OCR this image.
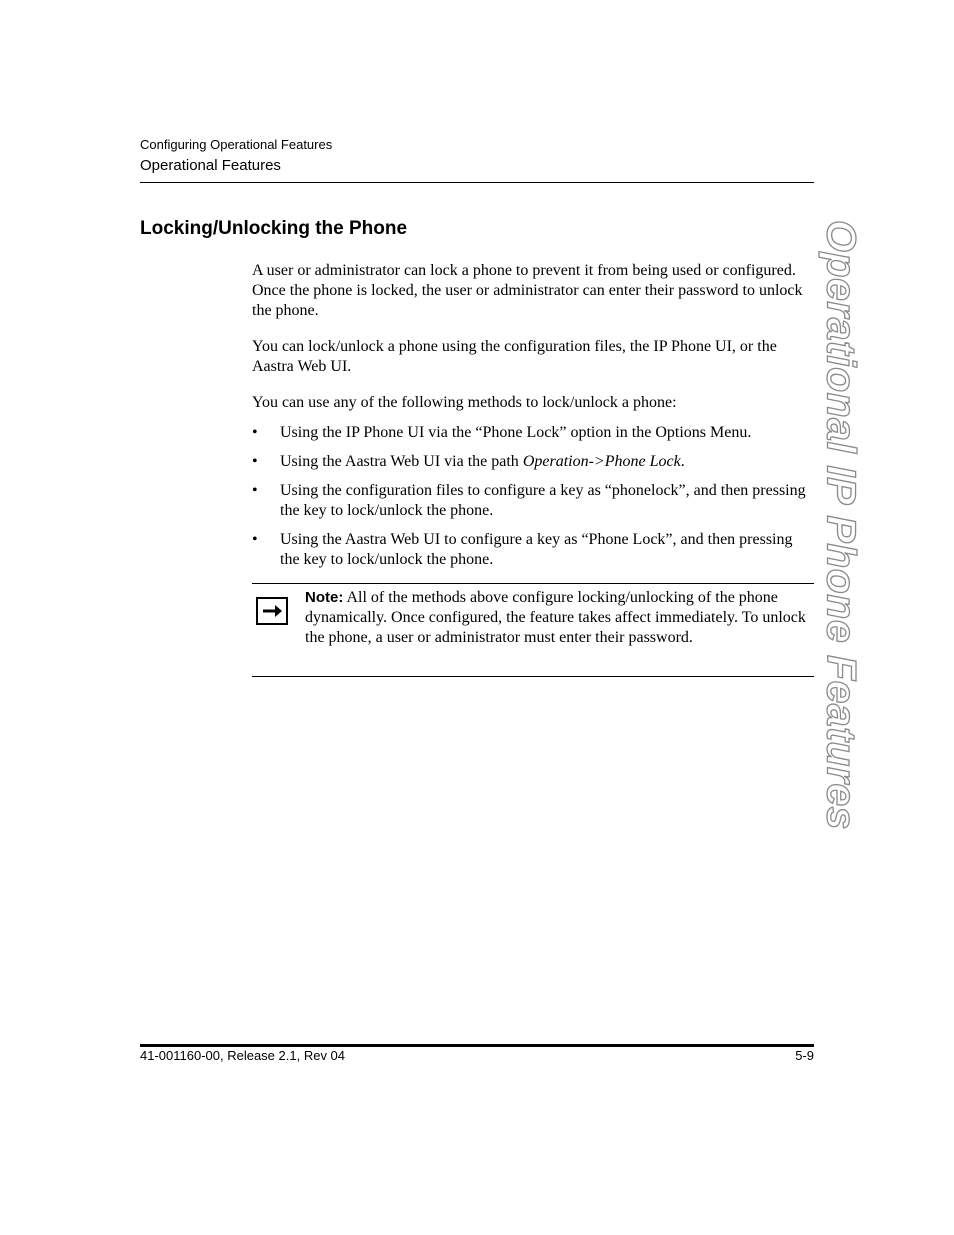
Configuring Operational Features
Operational Features
Locking/Unlocking the Phone

A user or administrator can lock a phone to prevent it from being used or configured. Once the phone is locked, the user or administrator can enter their password to unlock the phone.

You can lock/unlock a phone using the configuration files, the IP Phone UI, or the Aastra Web UI.

You can use any of the following methods to lock/unlock a phone:

• Using the IP Phone UI via the “Phone Lock” option in the Options Menu.
• Using the Aastra Web UI via the path Operation->Phone Lock.
• Using the configuration files to configure a key as “phonelock”, and then pressing the key to lock/unlock the phone.
• Using the Aastra Web UI to configure a key as “Phone Lock”, and then pressing the key to lock/unlock the phone.
Note: All of the methods above configure locking/unlocking of the phone dynamically. Once configured, the feature takes affect immediately. To unlock the phone, a user or administrator must enter their password.	Operational IP Phone Features
41-001160-00, Release 2.1, Rev 04	5-9
